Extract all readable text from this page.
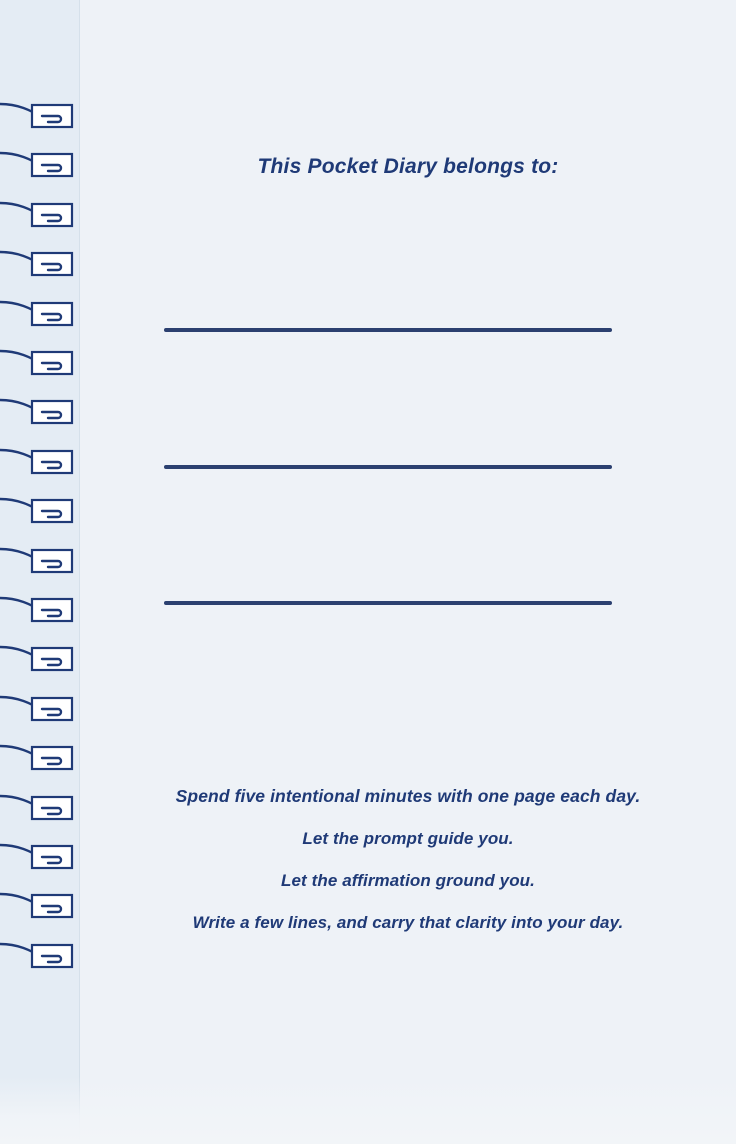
This Pocket Diary belongs to:

Spend five intentional minutes with one page each day.

Let the prompt guide you.

Let the affirmation ground you.

Write a few lines, and carry that clarity into your day.
